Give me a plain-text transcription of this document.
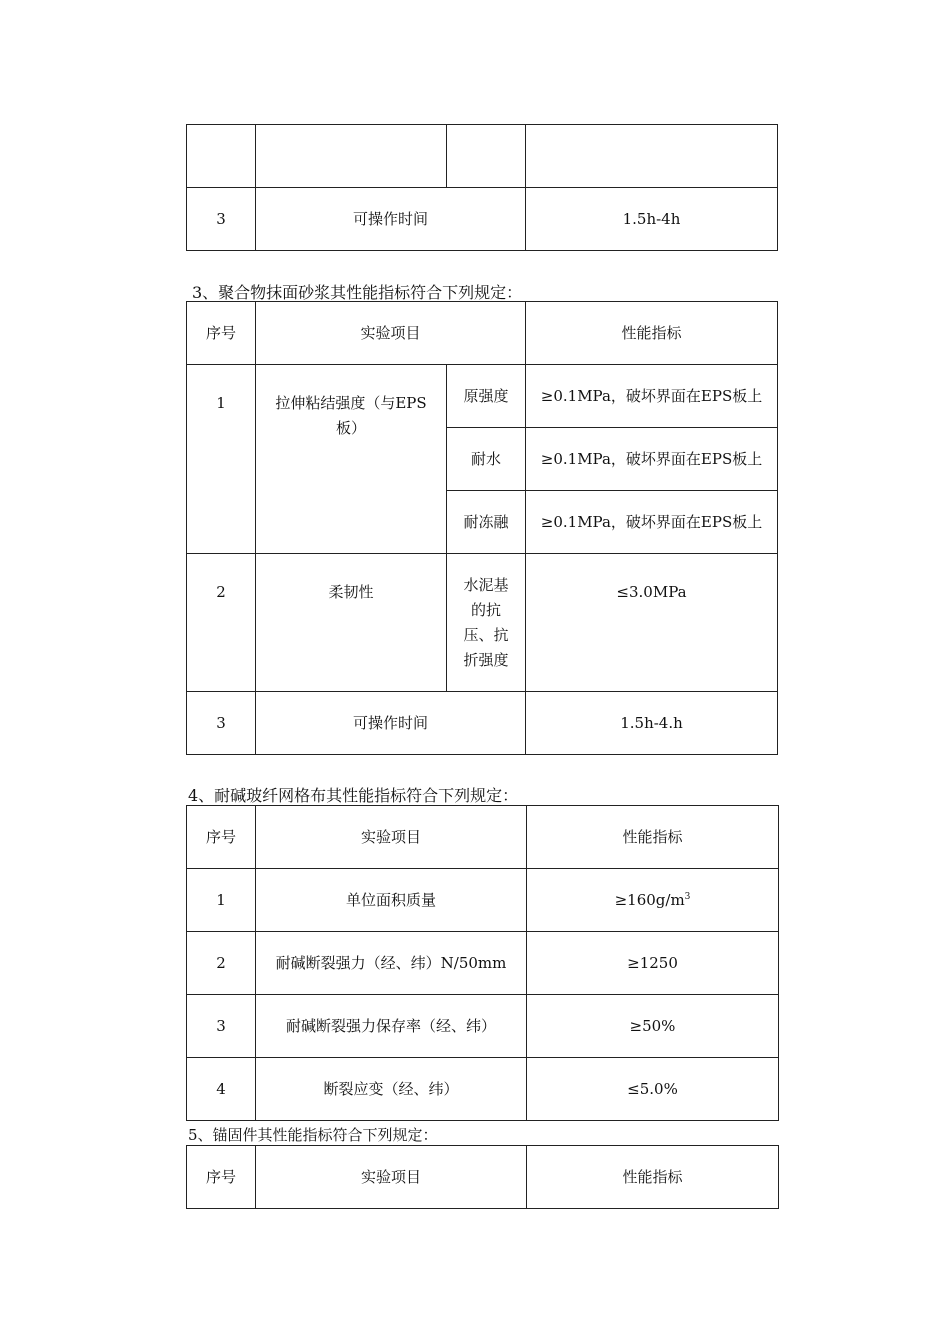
3	可操作时间		1.5h-4h
3、聚合物抹面砂浆其性能指标符合下列规定：
序号	实验项目		性能指标
1	拉伸粘结强度（与EPS板）	原强度	≥0.1MPa，破坏界面在EPS板上
		耐水	≥0.1MPa，破坏界面在EPS板上
		耐冻融	≥0.1MPa，破坏界面在EPS板上
2	柔韧性	水泥基的抗压、抗折强度	≤3.0MPa
3	可操作时间		1.5h-4.h
4、耐碱玻纤网格布其性能指标符合下列规定：
序号	实验项目	性能指标
1	单位面积质量	$\ge 160g/m^3$
2	耐碱断裂强力（经、纬）N/50mm	≥1250
3	耐碱断裂强力保存率（经、纬）	≥50%
4	断裂应变（经、纬）	≤5.0%
5、锚固件其性能指标符合下列规定：
序号	实验项目	性能指标
